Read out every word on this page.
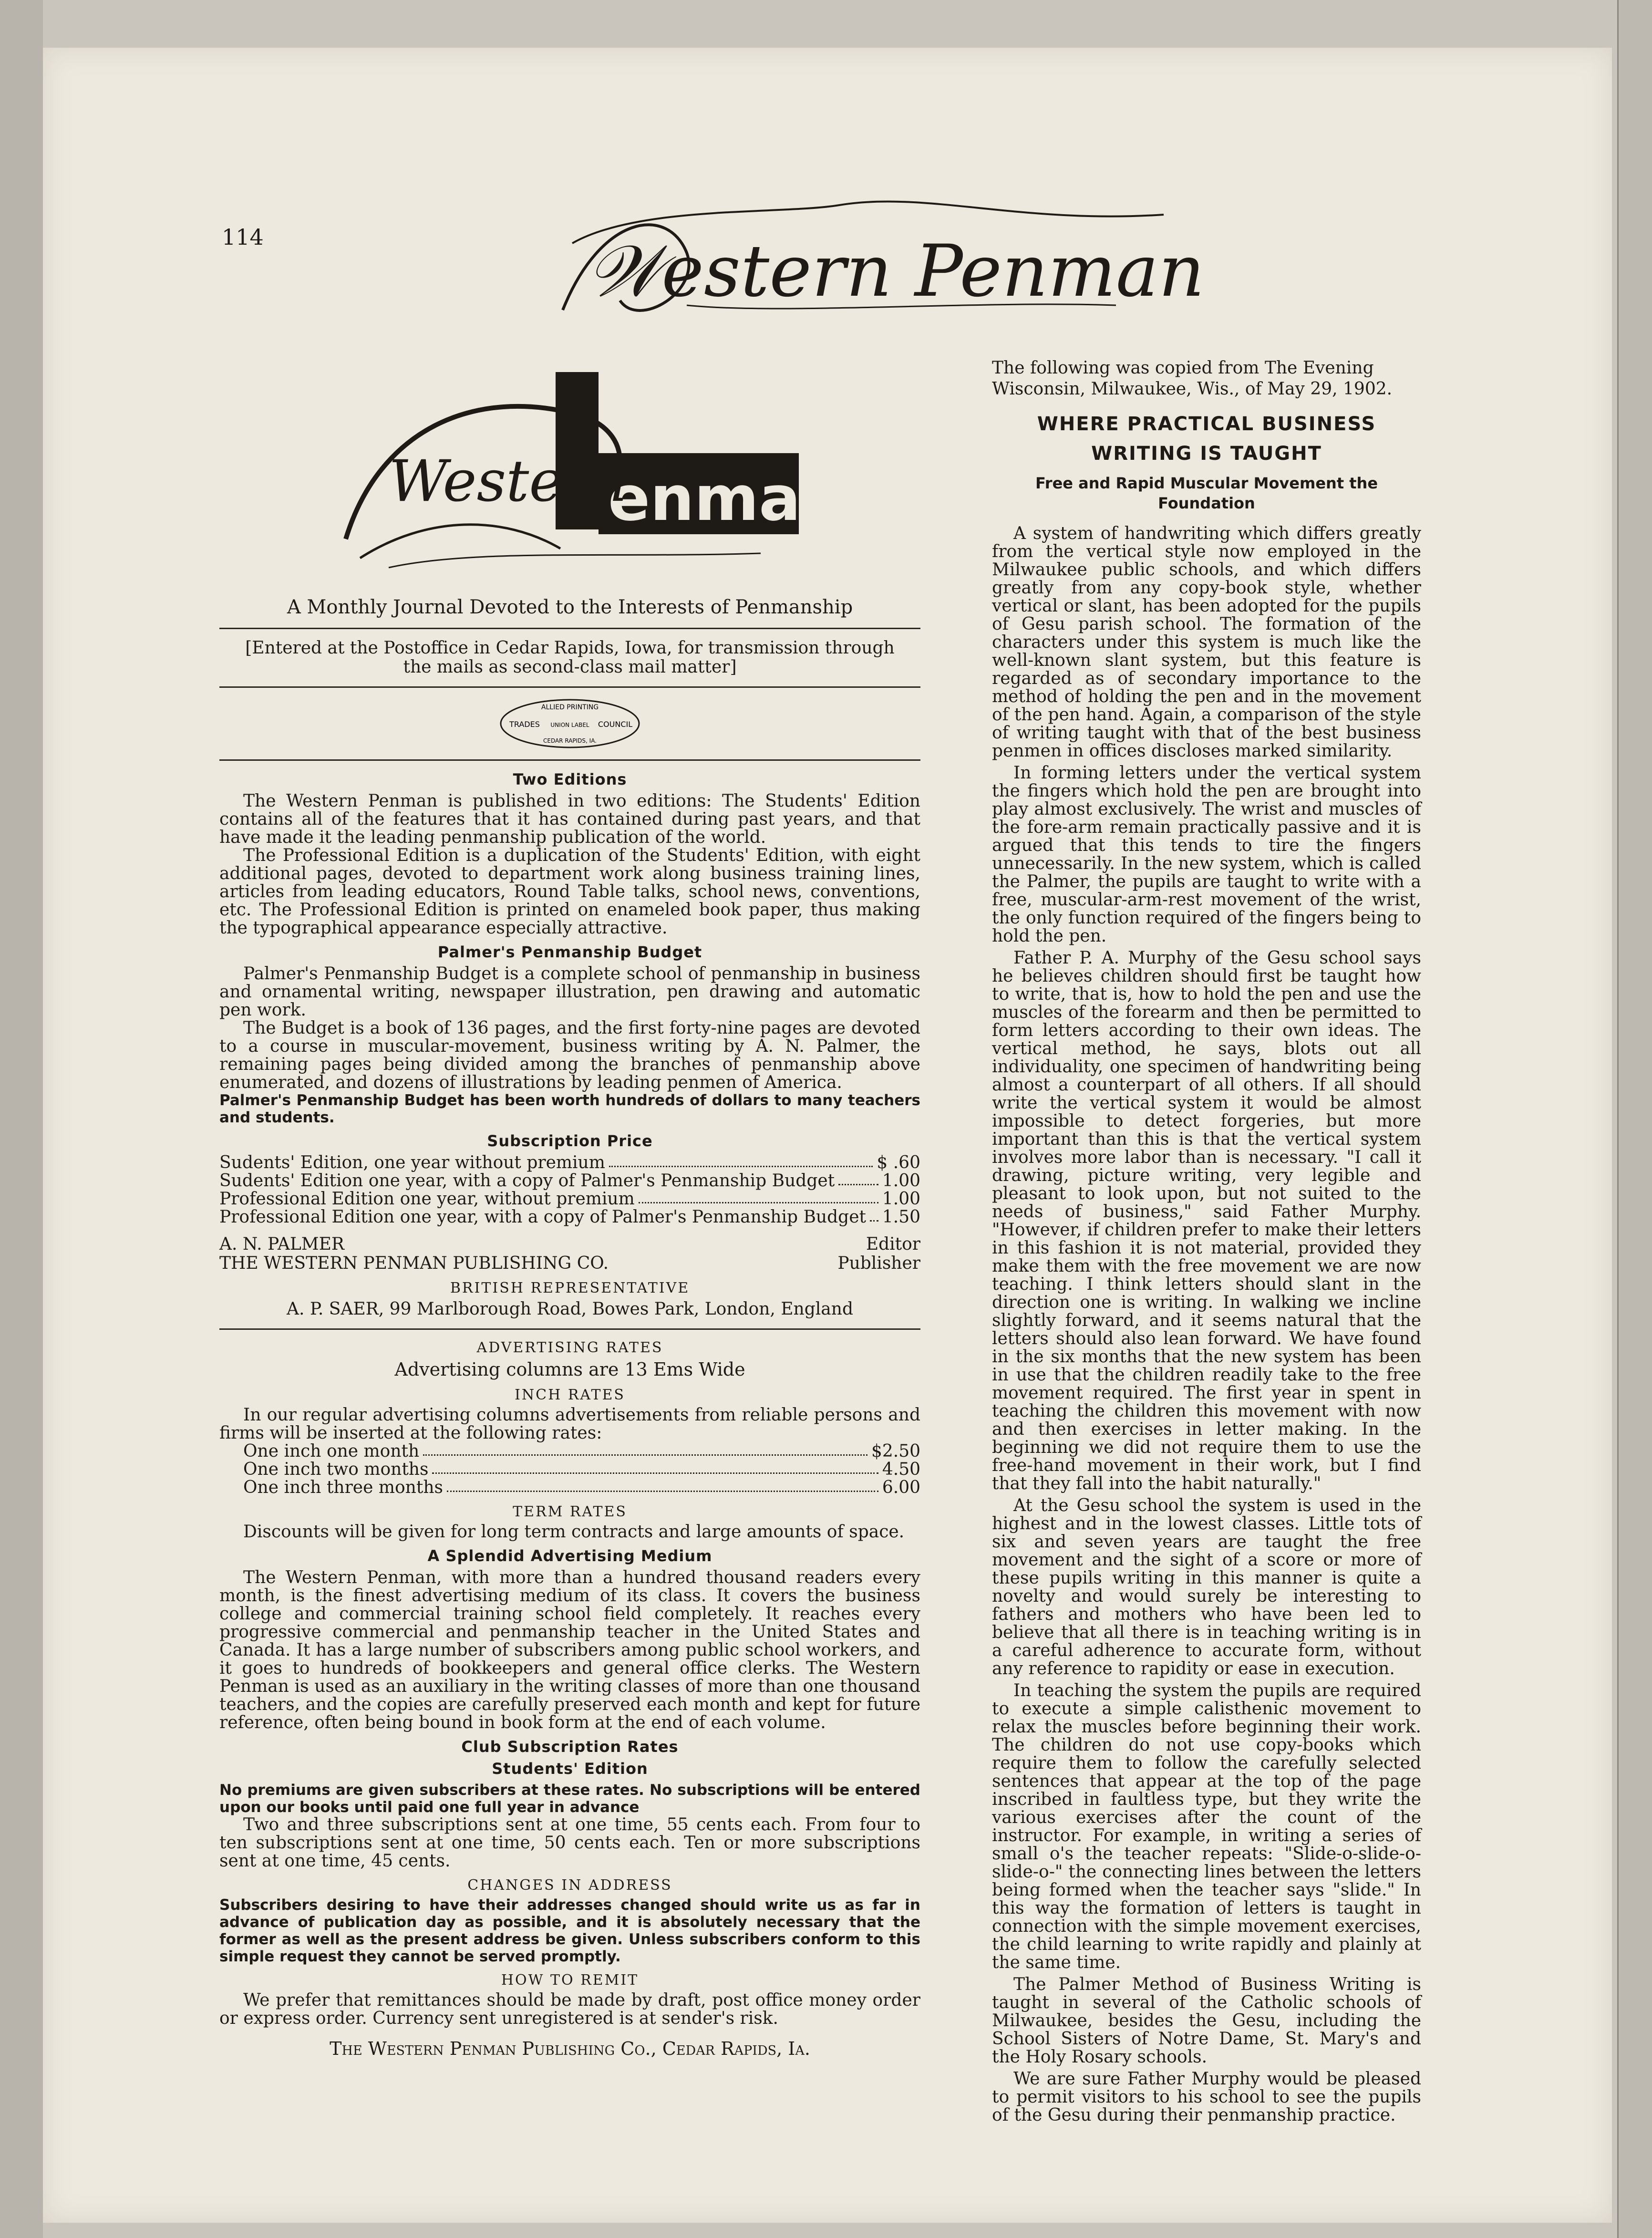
114	𝒲estern Penman
enman
Western
A Monthly Journal Devoted to the Interests of Penmanship
[Entered at the Postoffice in Cedar Rapids, Iowa, for transmission through the mails as second-class mail matter]
ALLIED PRINTING
TRADES UNION LABEL COUNCIL
CEDAR RAPIDS, IA.
Two Editions

The Western Penman is published in two editions: The Students' Edition contains all of the features that it has contained during past years, and that have made it the leading penmanship publication of the world.

The Professional Edition is a duplication of the Students' Edition, with eight additional pages, devoted to department work along business training lines, articles from leading educators, Round Table talks, school news, conventions, etc. The Professional Edition is printed on enameled book paper, thus making the typographical appearance especially attractive.

Palmer's Penmanship Budget

Palmer's Penmanship Budget is a complete school of penmanship in business and ornamental writing, newspaper illustration, pen drawing and automatic pen work.

The Budget is a book of 136 pages, and the first forty-nine pages are devoted to a course in muscular-movement, business writing by A. N. Palmer, the remaining pages being divided among the branches of penmanship above enumerated, and dozens of illustrations by leading penmen of America.

Palmer's Penmanship Budget has been worth hundreds of dollars to many teachers and students.
Subscription Price
Sudents' Edition, one year without premium	$ .60
Sudents' Edition one year, with a copy of Palmer's Penmanship Budget	1.00
Professional Edition one year, without premium	1.00
Professional Edition one year, with a copy of Palmer's Penmanship Budget 1.50
A. N. PALMER	Editor
THE WESTERN PENMAN PUBLISHING CO.	Publisher
BRITISH REPRESENTATIVE
A. P. SAER, 99 Marlborough Road, Bowes Park, London, England
ADVERTISING RATES
Advertising columns are 13 Ems Wide
INCH RATES

In our regular advertising columns advertisements from reliable persons and firms will be inserted at the following rates:

One inch one month	$2.50
One inch two months	4.50
One inch three months	6.00
TERM RATES

Discounts will be given for long term contracts and large amounts of space.

A Splendid Advertising Medium

The Western Penman, with more than a hundred thousand readers every month, is the finest advertising medium of its class. It covers the business college and commercial training school field completely. It reaches every progressive commercial and penmanship teacher in the United States and Canada. It has a large number of subscribers among public school workers, and it goes to hundreds of bookkeepers and general office clerks. The Western Penman is used as an auxiliary in the writing classes of more than one thousand teachers, and the copies are carefully preserved each month and kept for future reference, often being bound in book form at the end of each volume.

Club Subscription Rates
Students' Edition
No premiums are given subscribers at these rates. No subscriptions will be entered upon our books until paid one full year in advance

Two and three subscriptions sent at one time, 55 cents each. From four to ten subscriptions sent at one time, 50 cents each. Ten or more subscriptions sent at one time, 45 cents.

CHANGES IN ADDRESS
Subscribers desiring to have their addresses changed should write us as far in advance of publication day as possible, and it is absolutely necessary that the former as well as the present address be given. Unless subscribers conform to this simple request they cannot be served promptly.
HOW TO REMIT

We prefer that remittances should be made by draft, post office money order or express order. Currency sent unregistered is at sender's risk.

The Western Penman Publishing Co., Cedar Rapids, Ia.

The following was copied from The Evening Wisconsin, Milwaukee, Wis., of May 29, 1902.

WHERE PRACTICAL BUSINESS WRITING IS TAUGHT
Free and Rapid Muscular Movement the Foundation

A system of handwriting which differs greatly from the vertical style now employed in the Milwaukee public schools, and which differs greatly from any copy-book style, whether vertical or slant, has been adopted for the pupils of Gesu parish school. The formation of the characters under this system is much like the well-known slant system, but this feature is regarded as of secondary importance to the method of holding the pen and in the movement of the pen hand. Again, a comparison of the style of writing taught with that of the best business penmen in offices discloses marked similarity.

In forming letters under the vertical system the fingers which hold the pen are brought into play almost exclusively. The wrist and muscles of the fore-arm remain practically passive and it is argued that this tends to tire the fingers unnecessarily. In the new system, which is called the Palmer, the pupils are taught to write with a free, muscular-arm-rest movement of the wrist, the only function required of the fingers being to hold the pen.

Father P. A. Murphy of the Gesu school says he believes children should first be taught how to write, that is, how to hold the pen and use the muscles of the forearm and then be permitted to form letters according to their own ideas. The vertical method, he says, blots out all individuality, one specimen of handwriting being almost a counterpart of all others. If all should write the vertical system it would be almost impossible to detect forgeries, but more important than this is that the vertical system involves more labor than is necessary. "I call it drawing, picture writing, very legible and pleasant to look upon, but not suited to the needs of business," said Father Murphy. "However, if children prefer to make their letters in this fashion it is not material, provided they make them with the free movement we are now teaching. I think letters should slant in the direction one is writing. In walking we incline slightly forward, and it seems natural that the letters should also lean forward. We have found in the six months that the new system has been in use that the children readily take to the free movement required. The first year in spent in teaching the children this movement with now and then exercises in letter making. In the beginning we did not require them to use the free-hand movement in their work, but I find that they fall into the habit naturally."

At the Gesu school the system is used in the highest and in the lowest classes. Little tots of six and seven years are taught the free movement and the sight of a score or more of these pupils writing in this manner is quite a novelty and would surely be interesting to fathers and mothers who have been led to believe that all there is in teaching writing is in a careful adherence to accurate form, without any reference to rapidity or ease in execution.

In teaching the system the pupils are required to execute a simple calisthenic movement to relax the muscles before beginning their work. The children do not use copy-books which require them to follow the carefully selected sentences that appear at the top of the page inscribed in faultless type, but they write the various exercises after the count of the instructor. For example, in writing a series of small o's the teacher repeats: "Slide-o-slide-o-slide-o-" the connecting lines between the letters being formed when the teacher says "slide." In this way the formation of letters is taught in connection with the simple movement exercises, the child learning to write rapidly and plainly at the same time.

The Palmer Method of Business Writing is taught in several of the Catholic schools of Milwaukee, besides the Gesu, including the School Sisters of Notre Dame, St. Mary's and the Holy Rosary schools.

We are sure Father Murphy would be pleased to permit visitors to his school to see the pupils of the Gesu during their penmanship practice.
